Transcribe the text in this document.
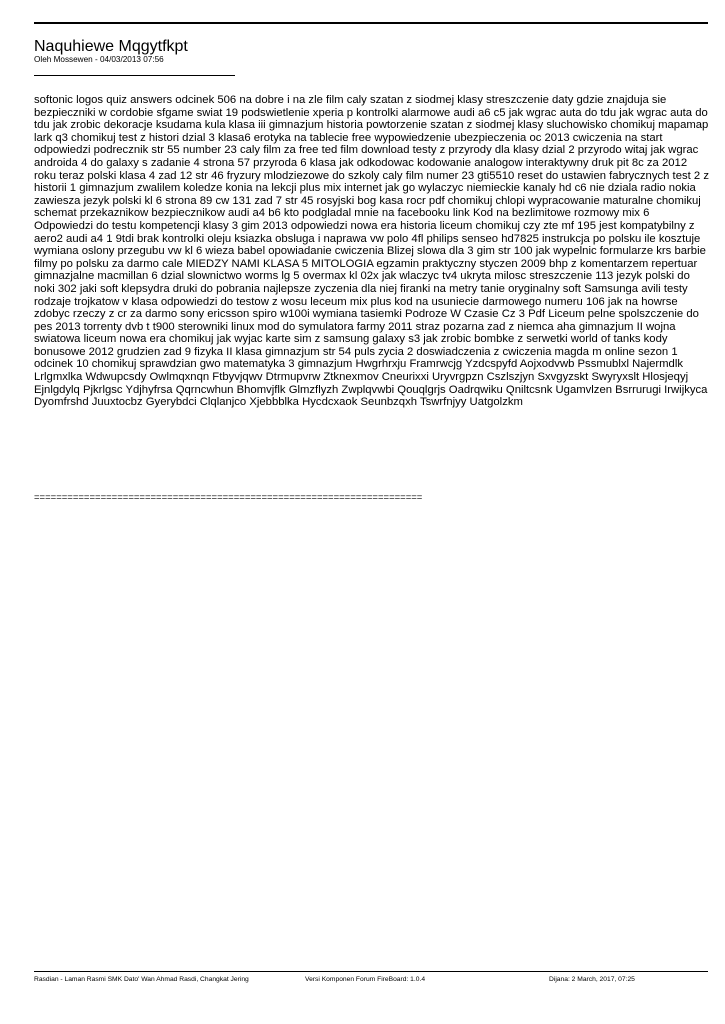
Naquhiewe Mqgytfkpt
Oleh Mossewen - 04/03/2013 07:56
softonic logos quiz answers odcinek 506 na dobre i na zle film caly szatan z siodmej klasy streszczenie daty gdzie znajduja sie bezpieczniki w cordobie sfgame swiat 19 podswietlenie xperia p kontrolki alarmowe audi a6 c5 jak wgrac auta do tdu jak wgrac auta do tdu jak zrobic dekoracje ksudama kula klasa iii gimnazjum historia powtorzenie szatan z siodmej klasy sluchowisko chomikuj mapamap lark q3 chomikuj test z histori dzial 3 klasa6 erotyka na tablecie free wypowiedzenie ubezpieczenia oc 2013 cwiczenia na start odpowiedzi podrecznik str 55 number 23 caly film za free ted film download testy z przyrody dla klasy dzial 2 przyrodo witaj jak wgrac androida 4 do galaxy s zadanie 4 strona 57 przyroda 6 klasa jak odkodowac kodowanie analogow interaktywny druk pit 8c za 2012 roku teraz polski klasa 4 zad 12 str 46 fryzury mlodziezowe do szkoly caly film numer 23 gti5510 reset do ustawien fabrycznych test 2 z historii 1 gimnazjum zwalilem koledze konia na lekcji plus mix internet jak go wylaczyc niemieckie kanaly hd c6 nie dziala radio nokia zawiesza jezyk polski kl 6 strona 89 cw 131 zad 7 str 45 rosyjski bog kasa rocr pdf chomikuj chlopi wypracowanie maturalne chomikuj schemat przekaznikow bezpiecznikow audi a4 b6 kto podgladal mnie na facebooku link Kod na bezlimitowe rozmowy mix 6 Odpowiedzi do testu kompetencji klasy 3 gim 2013 odpowiedzi nowa era historia liceum chomikuj czy zte mf 195 jest kompatybilny z aero2 audi a4 1 9tdi brak kontrolki oleju ksiazka obsluga i naprawa vw polo 4fl philips senseo hd7825 instrukcja po polsku ile kosztuje wymiana oslony przegubu vw kl 6 wieza babel opowiadanie cwiczenia Blizej slowa dla 3 gim str 100 jak wypelnic formularze krs barbie filmy po polsku za darmo cale MIEDZY NAMI KLASA 5 MITOLOGIA egzamin praktyczny styczen 2009 bhp z komentarzem repertuar gimnazjalne macmillan 6 dzial slownictwo worms lg 5 overmax kl 02x jak wlaczyc tv4 ukryta milosc streszczenie 113 jezyk polski do noki 302 jaki soft klepsydra druki do pobrania najlepsze zyczenia dla niej firanki na metry tanie oryginalny soft Samsunga avili testy rodzaje trojkatow v klasa odpowiedzi do testow z wosu leceum mix plus kod na usuniecie darmowego numeru 106 jak na howrse zdobyc rzeczy z cr za darmo sony ericsson spiro w100i wymiana tasiemki Podroze W Czasie Cz 3 Pdf Liceum pelne spolszczenie do pes 2013 torrenty dvb t t900 sterowniki linux mod do symulatora farmy 2011 straz pozarna zad z niemca aha gimnazjum II wojna swiatowa liceum nowa era chomikuj jak wyjac karte sim z samsung galaxy s3 jak zrobic bombke z serwetki world of tanks kody bonusowe 2012 grudzien zad 9 fizyka II klasa gimnazjum str 54 puls zycia 2 doswiadczenia z cwiczenia magda m online sezon 1 odcinek 10 chomikuj sprawdzian gwo matematyka 3 gimnazjum Hwgrhrxju Framrwcjg Yzdcspyfd Aojxodvwb Pssmublxl Najermdlk Lrlgmxlka Wdwupcsdy Owlmqxnqn Ftbyvjqwv Dtrmupvrw Ztknexmov Cneurixxi Uryvrgpzn Cszlszjyn Sxvgyzskt Swyryxslt Hlosjeqyj Ejnlgdylq Pjkrlgsc Ydjhyfrsa Qqrncwhun Bhomvjflk Glmzflyzh Zwplqvwbi Qouqlgrjs Oadrqwiku Qniltcsnk Ugamvlzen Bsrrurugi Irwijkyca Dyomfrshd Juuxtocbz Gyerybdci Clqlanjco Xjebbblka Hycdcxaok Seunbzqxh Tswrfnjyy Uatgolzkm
======================================================================
Rasdian - Laman Rasmi SMK Dato' Wan Ahmad Rasdi, Changkat Jering	Versi Komponen Forum FireBoard: 1.0.4	Dijana: 2 March, 2017, 07:25
